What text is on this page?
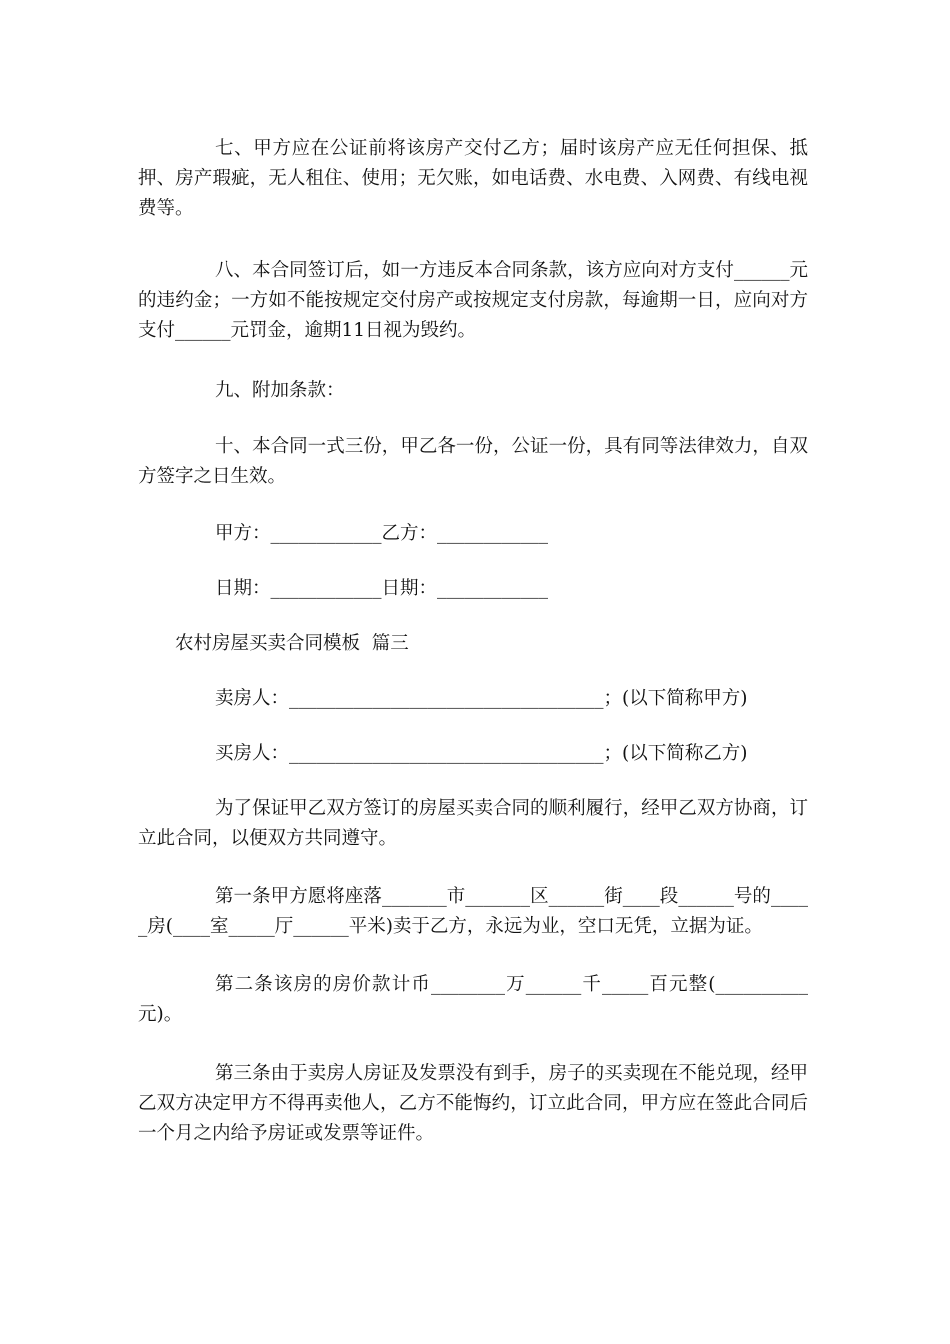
七、甲方应在公证前将该房产交付乙方；届时该房产应无任何担保、抵押、房产瑕疵，无人租住、使用；无欠账，如电话费、水电费、入网费、有线电视费等。

八、本合同签订后，如一方违反本合同条款，该方应向对方支付______元的违约金；一方如不能按规定交付房产或按规定支付房款，每逾期一日，应向对方支付______元罚金，逾期11日视为毁约。

九、附加条款：

十、本合同一式三份，甲乙各一份，公证一份，具有同等法律效力，自双方签字之日生效。

甲方：____________乙方：____________

日期：____________日期：____________

农村房屋买卖合同模板  篇三

卖房人：__________________________________；(以下简称甲方)

买房人：__________________________________；(以下简称乙方)

为了保证甲乙双方签订的房屋买卖合同的顺利履行，经甲乙双方协商，订立此合同，以便双方共同遵守。

第一条甲方愿将座落_______市_______区______街____段______号的_____房(____室_____厅______平米)卖于乙方，永远为业，空口无凭，立据为证。

第二条该房的房价款计币________万______千_____百元整(__________元)。

第三条由于卖房人房证及发票没有到手，房子的买卖现在不能兑现，经甲乙双方决定甲方不得再卖他人，乙方不能悔约，订立此合同，甲方应在签此合同后一个月之内给予房证或发票等证件。
